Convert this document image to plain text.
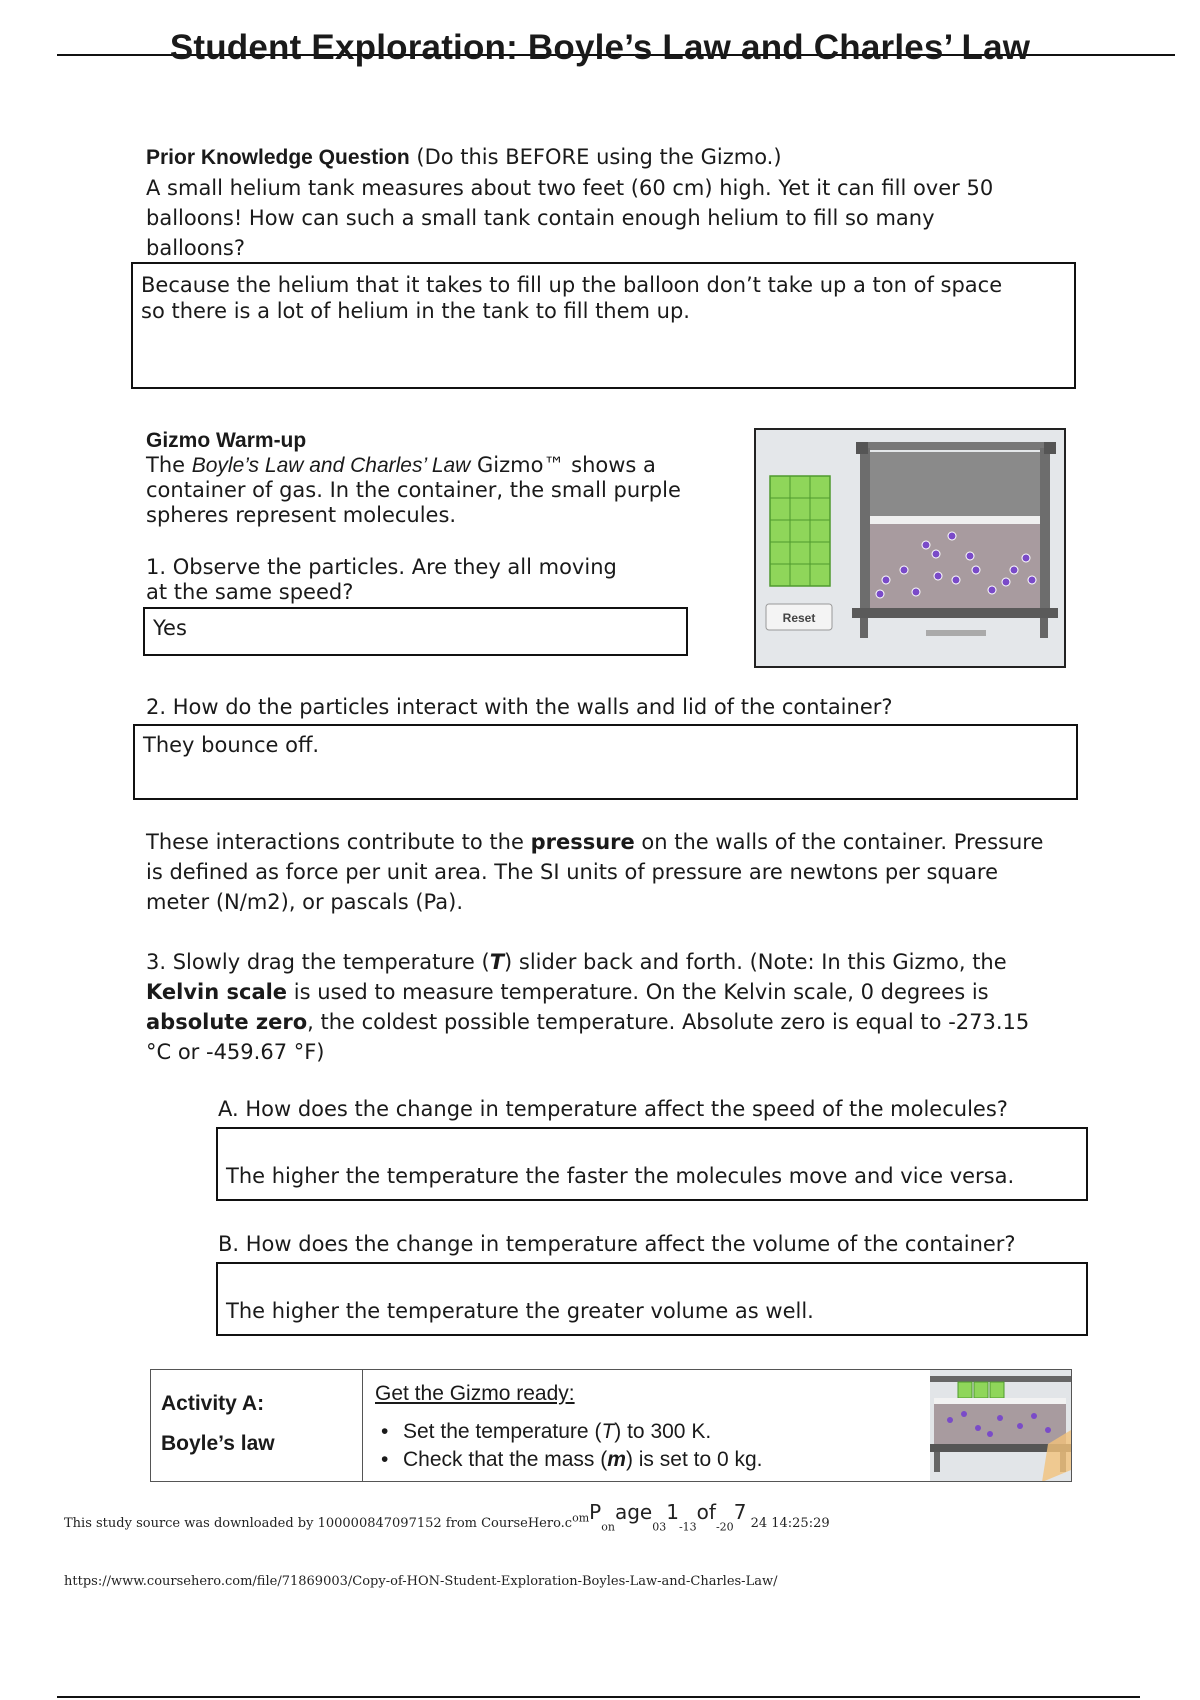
Student Exploration: Boyle’s Law and Charles’ Law
Prior Knowledge Question (Do this BEFORE using the Gizmo.)
A small helium tank measures about two feet (60 cm) high. Yet it can fill over 50
balloons! How can such a small tank contain enough helium to fill so many
balloons?
Because the helium that it takes to fill up the balloon don’t take up a ton of space
so there is a lot of helium in the tank to fill them up.
Gizmo Warm-up
The Boyle’s Law and Charles’ Law Gizmo™ shows a
container of gas. In the container, the small purple
spheres represent molecules.
1. Observe the particles. Are they all moving
at the same speed?
Yes	Reset
2. How do the particles interact with the walls and lid of the container?
They bounce off.
These interactions contribute to the pressure on the walls of the container. Pressure
is defined as force per unit area. The SI units of pressure are newtons per square
meter (N/m2), or pascals (Pa).
3. Slowly drag the temperature (T) slider back and forth. (Note: In this Gizmo, the
Kelvin scale is used to measure temperature. On the Kelvin scale, 0 degrees is
absolute zero, the coldest possible temperature. Absolute zero is equal to -273.15
°C or -459.67 °F)
A. How does the change in temperature affect the speed of the molecules?
The higher the temperature the faster the molecules move and vice versa.
B. How does the change in temperature affect the volume of the container?
The higher the temperature the greater volume as well.
Activity A:
Boyle’s law
Get the Gizmo ready:
• Set the temperature (T) to 300 K.
• Check that the mass (m) is set to 0 kg.
This study source was downloaded by 100000847097152 from $CourseHero.c^{om}P_{on}age_{03}1_{-13}of_{-20}7$ 24 14:25:29
https://www.coursehero.com/file/71869003/Copy-of-HON-Student-Exploration-Boyles-Law-and-Charles-Law/
